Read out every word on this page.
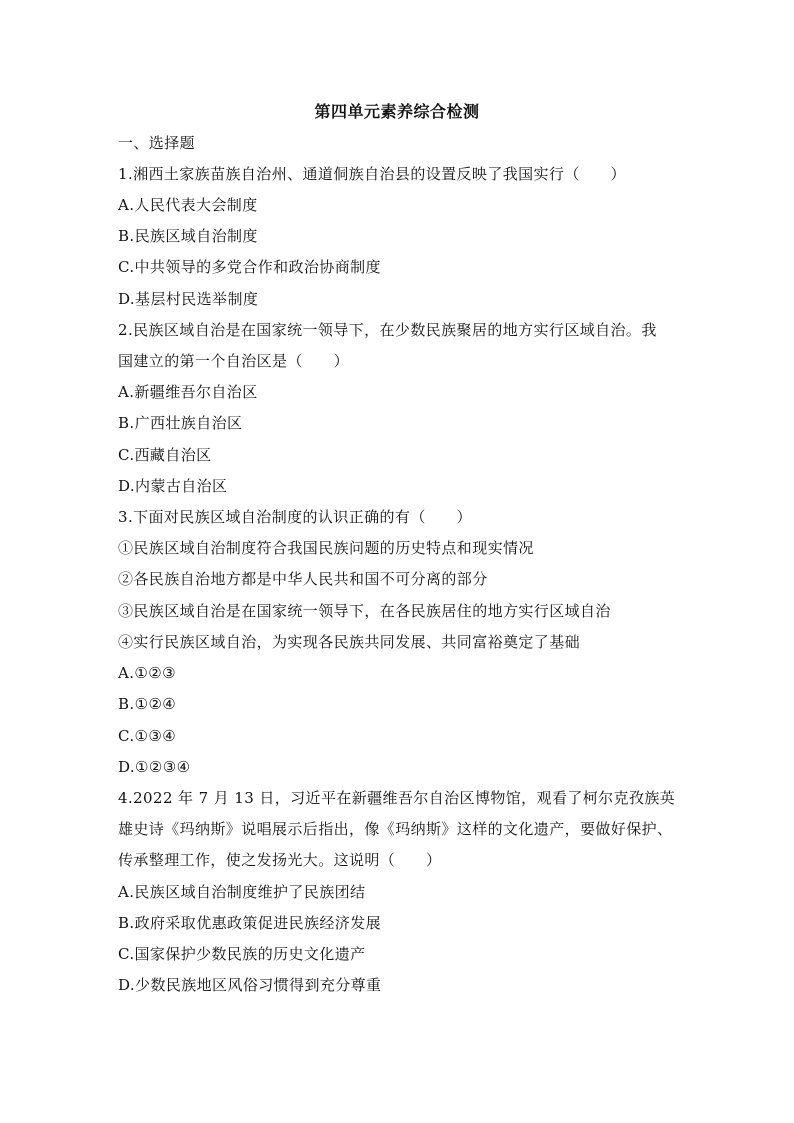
第四单元素养综合检测
一、选择题
1.湘西土家族苗族自治州、通道侗族自治县的设置反映了我国实行（　　）
A.人民代表大会制度
B.民族区域自治制度
C.中共领导的多党合作和政治协商制度
D.基层村民选举制度
2.民族区域自治是在国家统一领导下，在少数民族聚居的地方实行区域自治。我
国建立的第一个自治区是（　　）
A.新疆维吾尔自治区
B.广西壮族自治区
C.西藏自治区
D.内蒙古自治区
3.下面对民族区域自治制度的认识正确的有（　　）
①民族区域自治制度符合我国民族问题的历史特点和现实情况
②各民族自治地方都是中华人民共和国不可分离的部分
③民族区域自治是在国家统一领导下，在各民族居住的地方实行区域自治
④实行民族区域自治，为实现各民族共同发展、共同富裕奠定了基础
A.①②③
B.①②④
C.①③④
D.①②③④
4.2022 年 7 月 13 日，习近平在新疆维吾尔自治区博物馆，观看了柯尔克孜族英
雄史诗《玛纳斯》说唱展示后指出，像《玛纳斯》这样的文化遗产，要做好保护、
传承整理工作，使之发扬光大。这说明（　　）
A.民族区域自治制度维护了民族团结
B.政府采取优惠政策促进民族经济发展
C.国家保护少数民族的历史文化遗产
D.少数民族地区风俗习惯得到充分尊重
